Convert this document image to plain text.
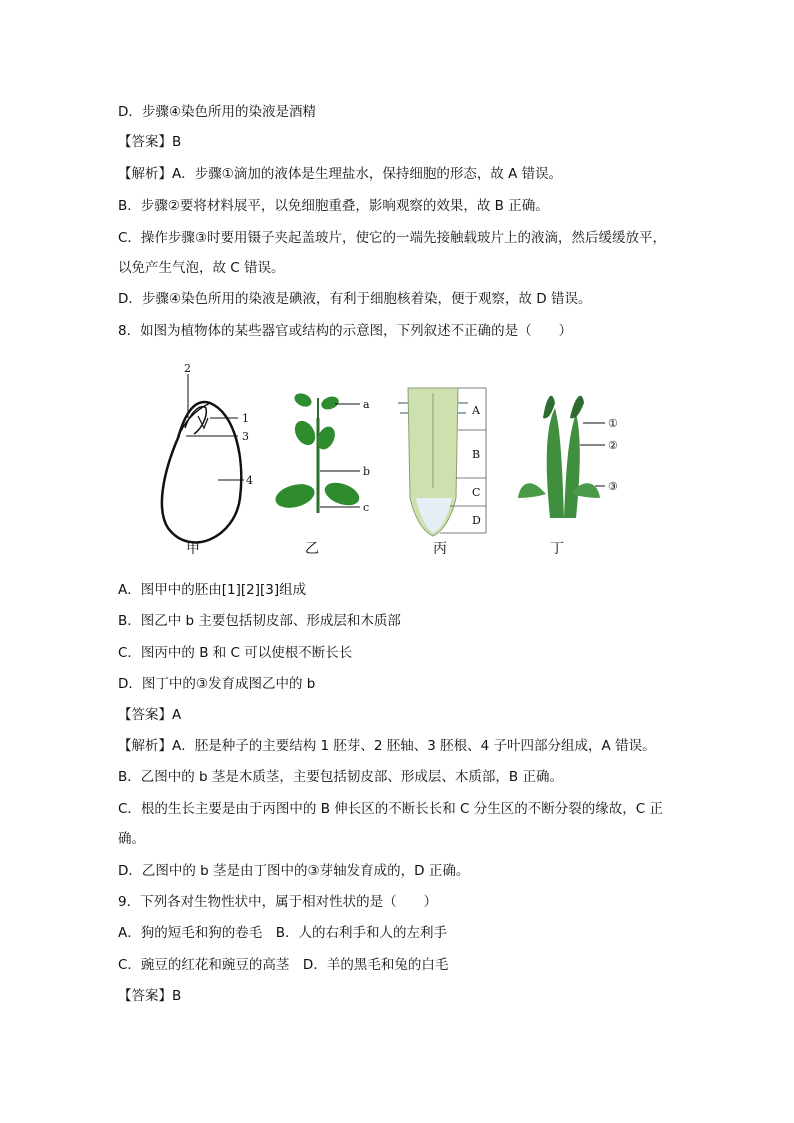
D．步骤④染色所用的染液是酒精
【答案】B
【解析】A．步骤①滴加的液体是生理盐水，保持细胞的形态，故 A 错误。
B．步骤②要将材料展平，以免细胞重叠，影响观察的效果，故 B 正确。
C．操作步骤③时要用镊子夹起盖玻片，使它的一端先接触载玻片上的液滴，然后缓缓放平，
以免产生气泡，故 C 错误。
D．步骤④染色所用的染液是碘液，有利于细胞核着染，便于观察，故 D 错误。
8．如图为植物体的某些器官或结构的示意图，下列叙述不正确的是（　　）
2
1
3
4
a
b
c
A
B
C
D
①
②
③
甲	乙	丙	丁
A．图甲中的胚由[1][2][3]组成
B．图乙中 b 主要包括韧皮部、形成层和木质部
C．图丙中的 B 和 C 可以使根不断长长
D．图丁中的③发育成图乙中的 b
【答案】A
【解析】A．胚是种子的主要结构 1 胚芽、2 胚轴、3 胚根、4 子叶四部分组成，A 错误。
B．乙图中的 b 茎是木质茎，主要包括韧皮部、形成层、木质部，B 正确。
C．根的生长主要是由于丙图中的 B 伸长区的不断长长和 C 分生区的不断分裂的缘故，C 正
确。
D．乙图中的 b 茎是由丁图中的③芽轴发育成的，D 正确。
9．下列各对生物性状中，属于相对性状的是（　　）
A．狗的短毛和狗的卷毛　B．人的右利手和人的左利手
C．豌豆的红花和豌豆的高茎　D．羊的黑毛和兔的白毛
【答案】B
